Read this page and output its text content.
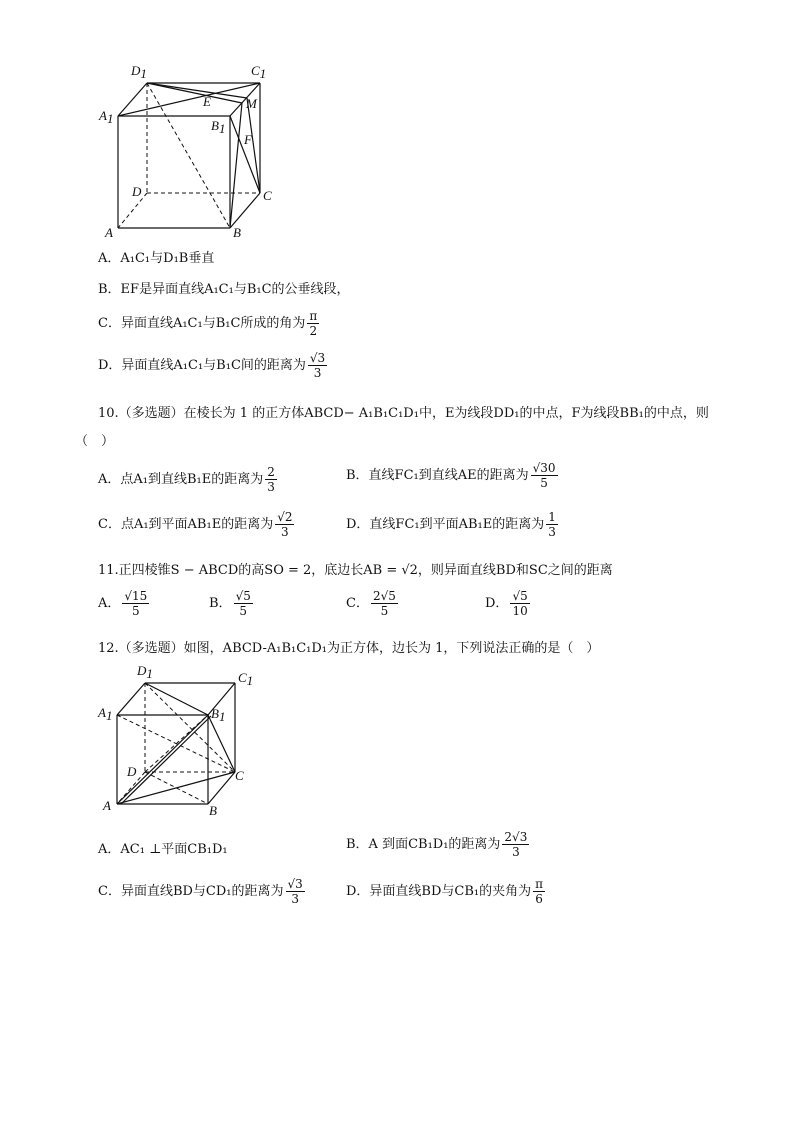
D1	C1
A1	B1
E	M
F
D	C
A	B
A．A₁C₁与D₁B垂直
B．EF是异面直线A₁C₁与B₁C的公垂线段，
C．异面直线A₁C₁与B₁C所成的角为 $\frac{\pi}{2}$
D．异面直线A₁C₁与B₁C间的距离为 $\frac{√3}{3}$
10.（多选题）在棱长为 1 的正方体ABCD− A₁B₁C₁D₁中，E为线段DD₁的中点，F为线段BB₁的中点，则
（　）
A．点A₁到直线B₁E的距离为 $\frac{2}{3}$	B．直线FC₁到直线AE的距离为 $\frac{√30}{5}$
C．点A₁到平面AB₁E的距离为 $\frac{√2}{3}$	D．直线FC₁到平面AB₁E的距离为 $\frac{1}{3}$
11.正四棱锥S − ABCD的高SO = 2，底边长AB = √2，则异面直线BD和SC之间的距离
A． $\frac{√15}{5}$	B． $\frac{√5}{5}$	C． $\frac{2√5}{5}$	D． $\frac{√5}{10}$
12.（多选题）如图，ABCD-A₁B₁C₁D₁为正方体，边长为 1，下列说法正确的是（　）
D1	C1
A1	B1
D	C
A	B
A．AC₁ ⊥平面CB₁D₁	B．A 到面CB₁D₁的距离为 $\frac{2√3}{3}$
C．异面直线BD与CD₁的距离为 $\frac{√3}{3}$	D．异面直线BD与CB₁的夹角为 $\frac{\pi}{6}$
